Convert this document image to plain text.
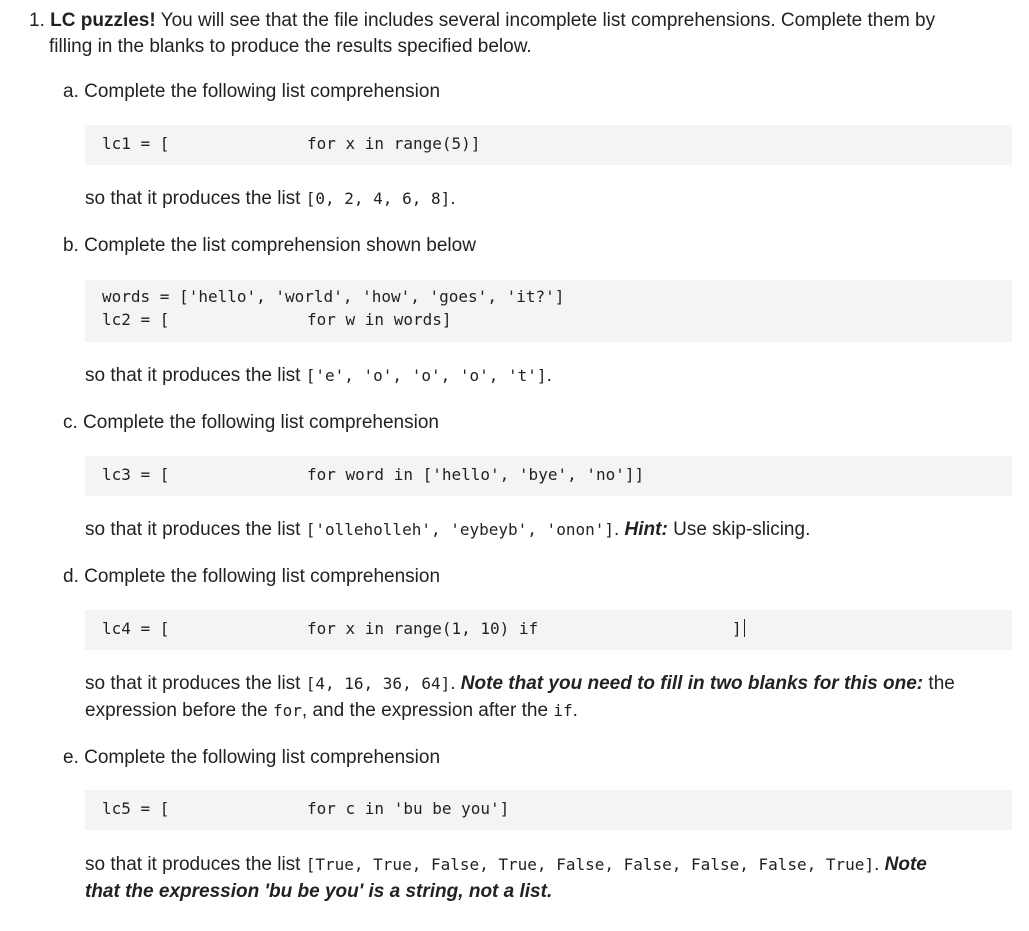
1. LC puzzles! You will see that the file includes several incomplete list comprehensions. Complete them by
filling in the blanks to produce the results specified below.
a. Complete the following list comprehension
lc1 = [	for x in range(5)]
so that it produces the list [0, 2, 4, 6, 8].
b. Complete the list comprehension shown below
words = ['hello', 'world', 'how', 'goes', 'it?']
lc2 = [	for w in words]
so that it produces the list ['e', 'o', 'o', 'o', 't'].
c. Complete the following list comprehension
lc3 = [	for word in ['hello', 'bye', 'no']]
so that it produces the list ['olleholleh', 'eybeyb', 'onon']. Hint: Use skip-slicing.
d. Complete the following list comprehension
lc4 = [	for x in range(1, 10) if	]
so that it produces the list [4, 16, 36, 64]. Note that you need to fill in two blanks for this one: the
expression before the for, and the expression after the if.
e. Complete the following list comprehension
lc5 = [	for c in 'bu be you']
so that it produces the list [True, True, False, True, False, False, False, False, True]. Note
that the expression 'bu be you' is a string, not a list.
